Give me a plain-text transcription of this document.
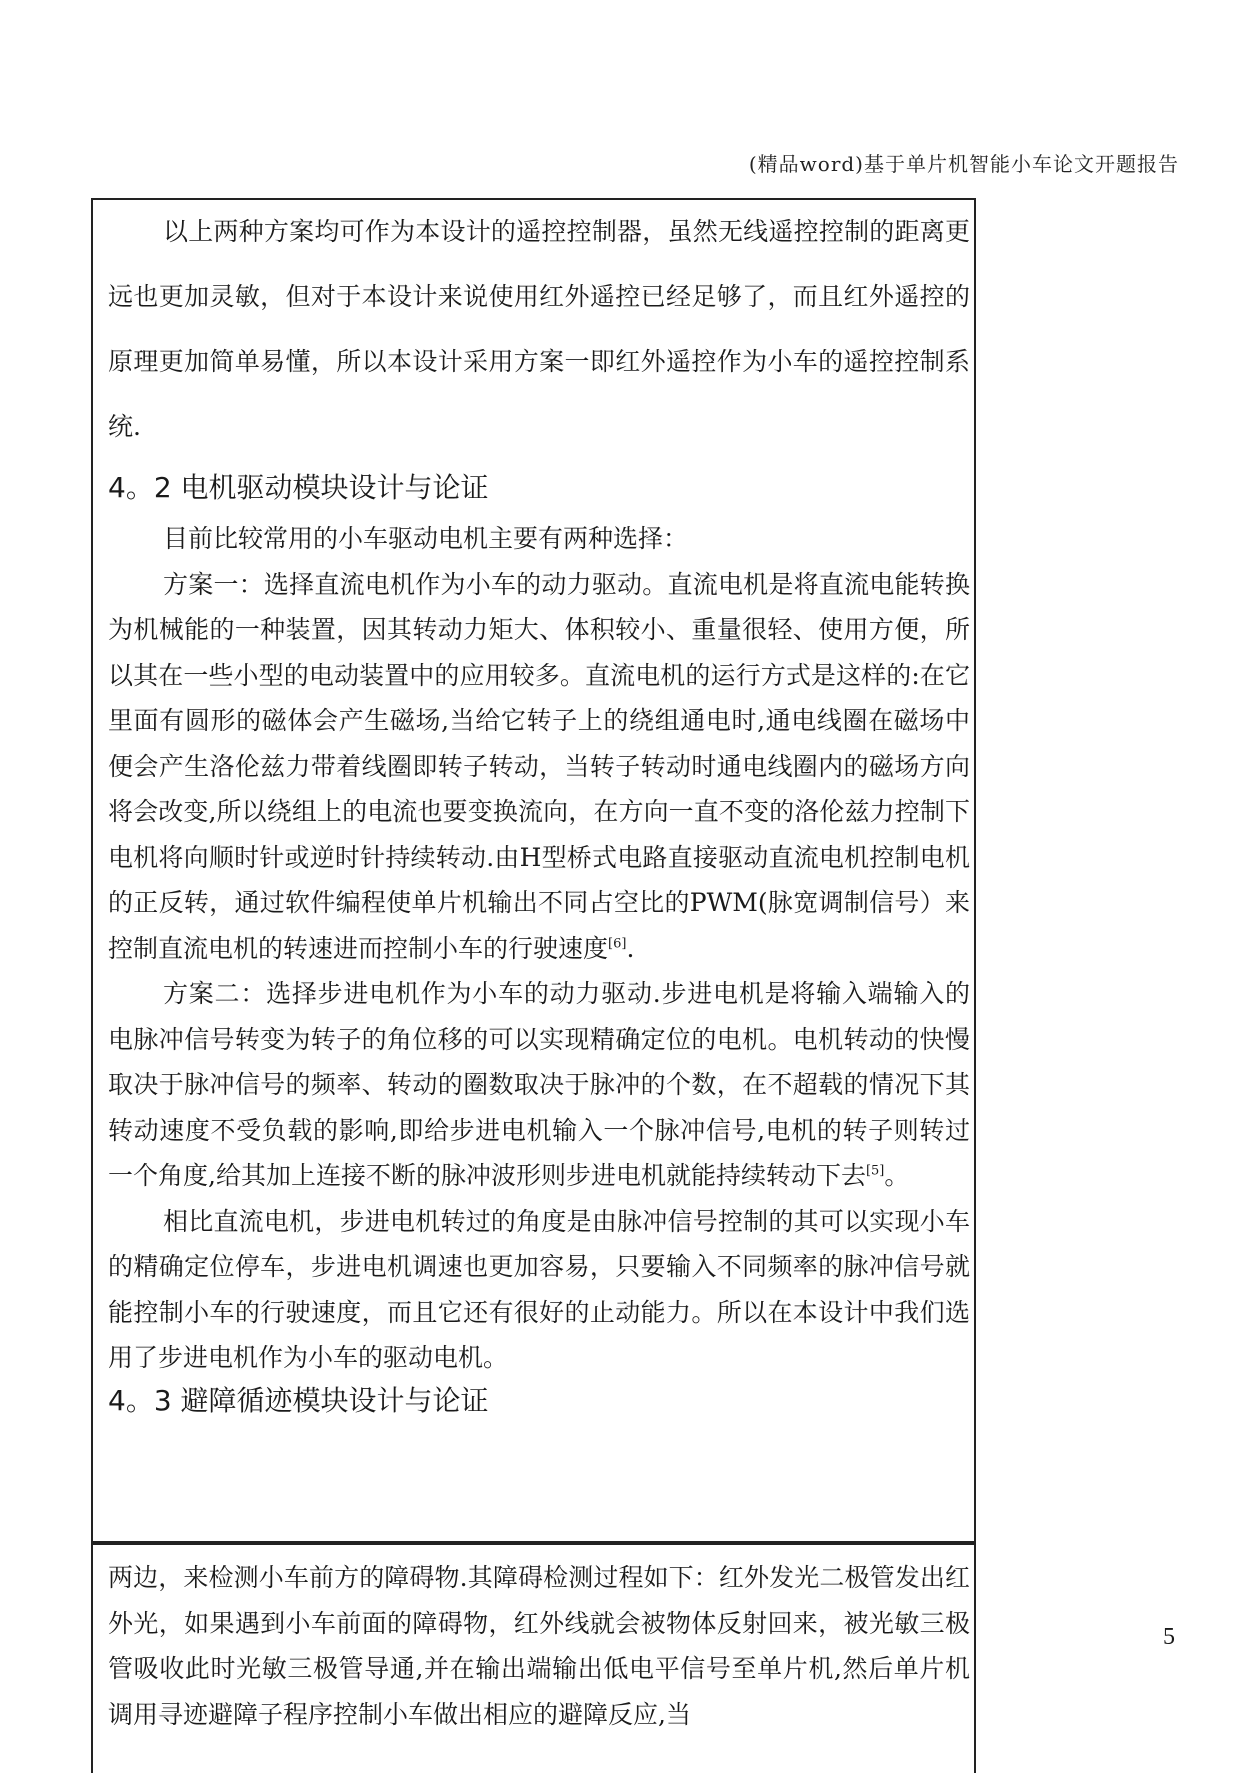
(精品word)基于单片机智能小车论文开题报告

以上两种方案均可作为本设计的遥控控制器，虽然无线遥控控制的距离更远也更加灵敏，但对于本设计来说使用红外遥控已经足够了，而且红外遥控的原理更加简单易懂，所以本设计采用方案一即红外遥控作为小车的遥控控制系统.

4。2 电机驱动模块设计与论证

目前比较常用的小车驱动电机主要有两种选择：

方案一：选择直流电机作为小车的动力驱动。直流电机是将直流电能转换为机械能的一种装置，因其转动力矩大、体积较小、重量很轻、使用方便，所以其在一些小型的电动装置中的应用较多。直流电机的运行方式是这样的:在它里面有圆形的磁体会产生磁场,当给它转子上的绕组通电时,通电线圈在磁场中便会产生洛伦兹力带着线圈即转子转动，当转子转动时通电线圈内的磁场方向将会改变,所以绕组上的电流也要变换流向，在方向一直不变的洛伦兹力控制下电机将向顺时针或逆时针持续转动.由H型桥式电路直接驱动直流电机控制电机的正反转，通过软件编程使单片机输出不同占空比的PWM(脉宽调制信号）来控制直流电机的转速进而控制小车的行驶速度[6].

方案二：选择步进电机作为小车的动力驱动.步进电机是将输入端输入的电脉冲信号转变为转子的角位移的可以实现精确定位的电机。电机转动的快慢取决于脉冲信号的频率、转动的圈数取决于脉冲的个数，在不超载的情况下其转动速度不受负载的影响,即给步进电机输入一个脉冲信号,电机的转子则转过一个角度,给其加上连接不断的脉冲波形则步进电机就能持续转动下去[5]。

相比直流电机，步进电机转过的角度是由脉冲信号控制的其可以实现小车的精确定位停车，步进电机调速也更加容易，只要输入不同频率的脉冲信号就能控制小车的行驶速度，而且它还有很好的止动能力。所以在本设计中我们选用了步进电机作为小车的驱动电机。

4。3 避障循迹模块设计与论证

两边，来检测小车前方的障碍物.其障碍检测过程如下：红外发光二极管发出红外光，如果遇到小车前面的障碍物，红外线就会被物体反射回来，被光敏三极管吸收此时光敏三极管导通,并在输出端输出低电平信号至单片机,然后单片机调用寻迹避障子程序控制小车做出相应的避障反应,当

5
